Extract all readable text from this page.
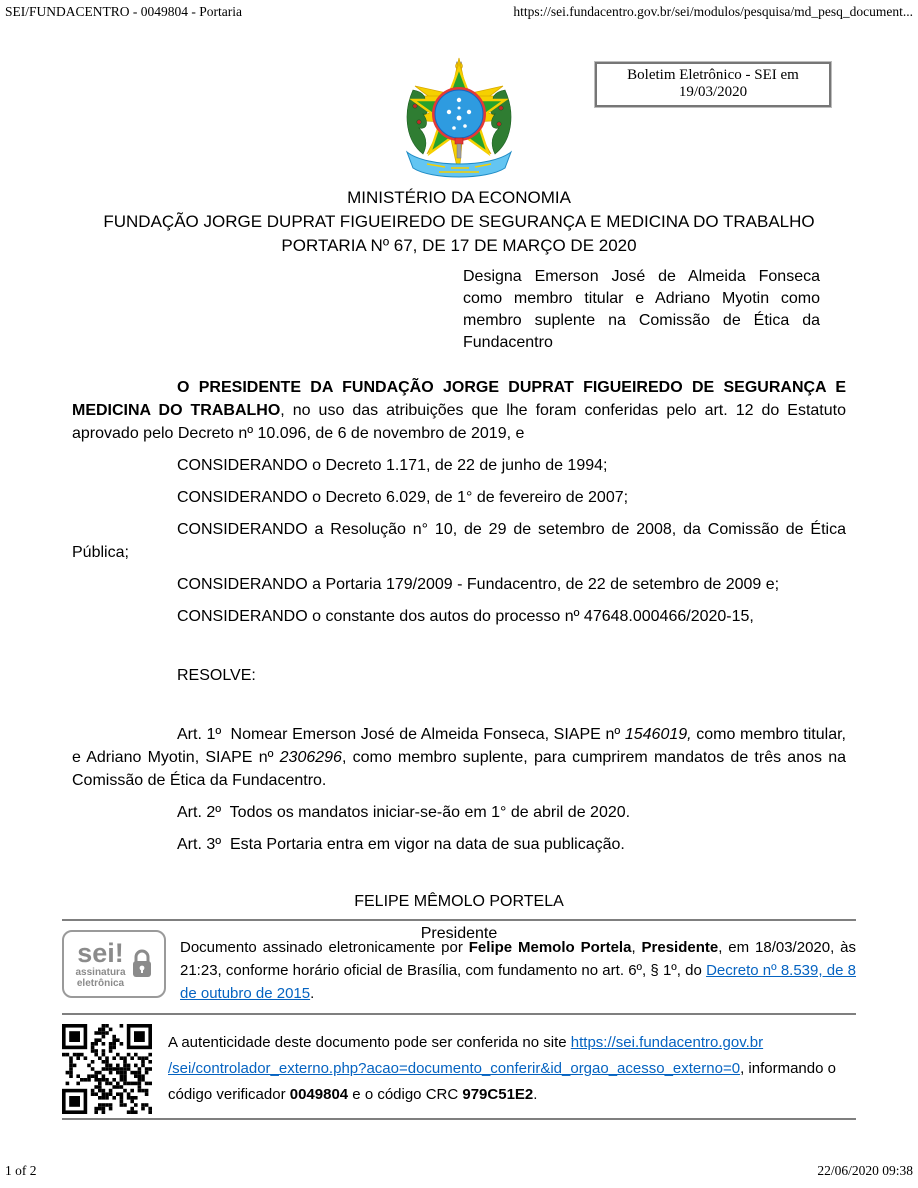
SEI/FUNDACENTRO - 0049804 - Portaria	https://sei.fundacentro.gov.br/sei/modulos/pesquisa/md_pesq_document...
Boletim Eletrônico - SEI em 19/03/2020
MINISTÉRIO DA ECONOMIA
FUNDAÇÃO JORGE DUPRAT FIGUEIREDO DE SEGURANÇA E MEDICINA DO TRABALHO
PORTARIA Nº 67, DE 17 DE MARÇO DE 2020
Designa Emerson José de Almeida Fonseca como membro titular e Adriano Myotin como membro suplente na Comissão de Ética da Fundacentro

O PRESIDENTE DA FUNDAÇÃO JORGE DUPRAT FIGUEIREDO DE SEGURANÇA E MEDICINA DO TRABALHO, no uso das atribuições que lhe foram conferidas pelo art. 12 do Estatuto aprovado pelo Decreto nº 10.096, de 6 de novembro de 2019, e

CONSIDERANDO o Decreto 1.171, de 22 de junho de 1994;

CONSIDERANDO o Decreto 6.029, de 1° de fevereiro de 2007;

CONSIDERANDO a Resolução n° 10, de 29 de setembro de 2008, da Comissão de Ética Pública;

CONSIDERANDO a Portaria 179/2009 - Fundacentro, de 22 de setembro de 2009 e;

CONSIDERANDO o constante dos autos do processo nº 47648.000466/2020-15,

RESOLVE:

Art. 1º  Nomear Emerson José de Almeida Fonseca, SIAPE nº 1546019, como membro titular, e Adriano Myotin, SIAPE nº 2306296, como membro suplente, para cumprirem mandatos de três anos na Comissão de Ética da Fundacentro.

Art. 2º  Todos os mandatos iniciar-se-ão em 1° de abril de 2020.

Art. 3º  Esta Portaria entra em vigor na data de sua publicação.

FELIPE MÊMOLO PORTELA

Presidente

sei!
assinatura
eletrônica
Documento assinado eletronicamente por Felipe Memolo Portela, Presidente, em 18/03/2020, às 21:23, conforme horário oficial de Brasília, com fundamento no art. 6º, § 1º, do Decreto nº 8.539, de 8 de outubro de 2015.
A autenticidade deste documento pode ser conferida no site https://sei.fundacentro.gov.br
/sei/controlador_externo.php?acao=documento_conferir&id_orgao_acesso_externo=0, informando o código verificador 0049804 e o código CRC 979C51E2.
1 of 2	22/06/2020 09:38
